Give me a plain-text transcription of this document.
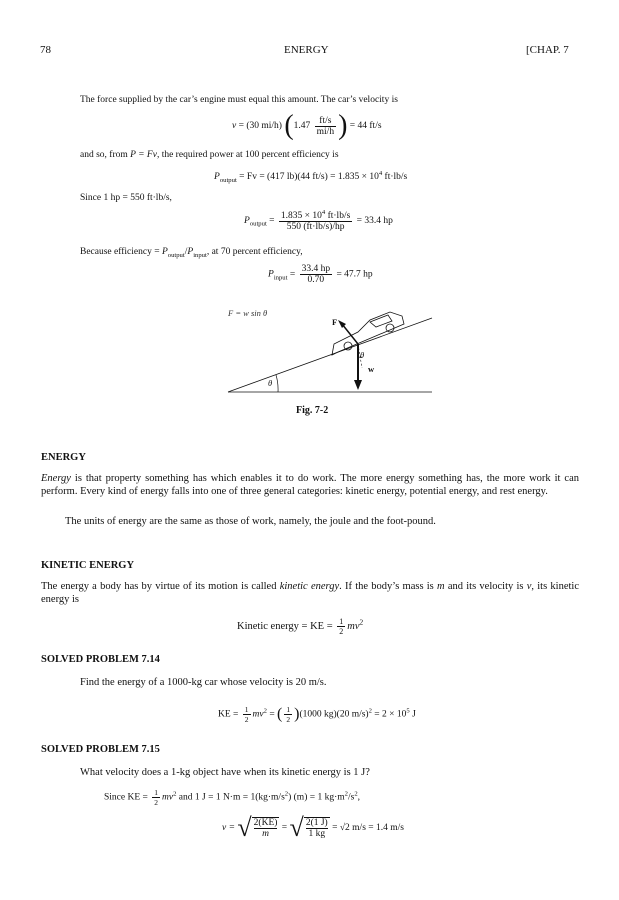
78	ENERGY	[CHAP. 7
The force supplied by the car’s engine must equal this amount. The car’s velocity is
v = (30 mi/h) ($1.47 \frac{ft/s}{mi/h}$ ) = 44 ft/s
and so, from P = Fv, the required power at 100 percent efficiency is
$P_{output} = Fv = (417$ lb)(44 $ft/s) = 1.835 \times 10^4$ ft·lb/s
Since 1 hp = 550 ft·lb/s,
$P_{output} = \frac{1.835 \times 10^4 ft\cdot lb/s}{550 (ft\cdot lb/s)/hp} = 33.4$ hp
Because efficiency = $P_{output}/P_{input}$, at 70 percent efficiency,
$P_{input} = \frac{33.4 hp}{0.70} = 47.7$ hp
F = w sin θ
F
w
θ
θ
Fig. 7-2
ENERGY
Energy is that property something has which enables it to do work. The more energy something has, the more work it can perform. Every kind of energy falls into one of three general categories: kinetic energy, potential energy, and rest energy.
The units of energy are the same as those of work, namely, the joule and the foot-pound.
KINETIC ENERGY
The energy a body has by virtue of its motion is called kinetic energy. If the body’s mass is m and its velocity is v, its kinetic energy is
Kinetic energy = KE = $\frac{1}{2} mv^2$
SOLVED PROBLEM 7.14
Find the energy of a 1000-kg car whose velocity is 20 m/s.
KE = $\frac{1}{2} mv^2$ = ( $\frac{1}{2} )(1000$ kg)(20 $m/s)^2 = 2 \times 10^5$ J
SOLVED PROBLEM 7.15
What velocity does a 1-kg object have when its kinetic energy is 1 J?
Since KE = $\frac{1}{2} mv^2$ and 1 J = 1 $N\cdot m = 1(kg\cdot m/s^2) (m) = 1$ $kg\cdot m^2/s^2$,
v = √ $\frac{2(KE)}{m}$ = √ $\frac{2(1 J)}{1 kg} = √2$ m/s = 1.4 m/s
